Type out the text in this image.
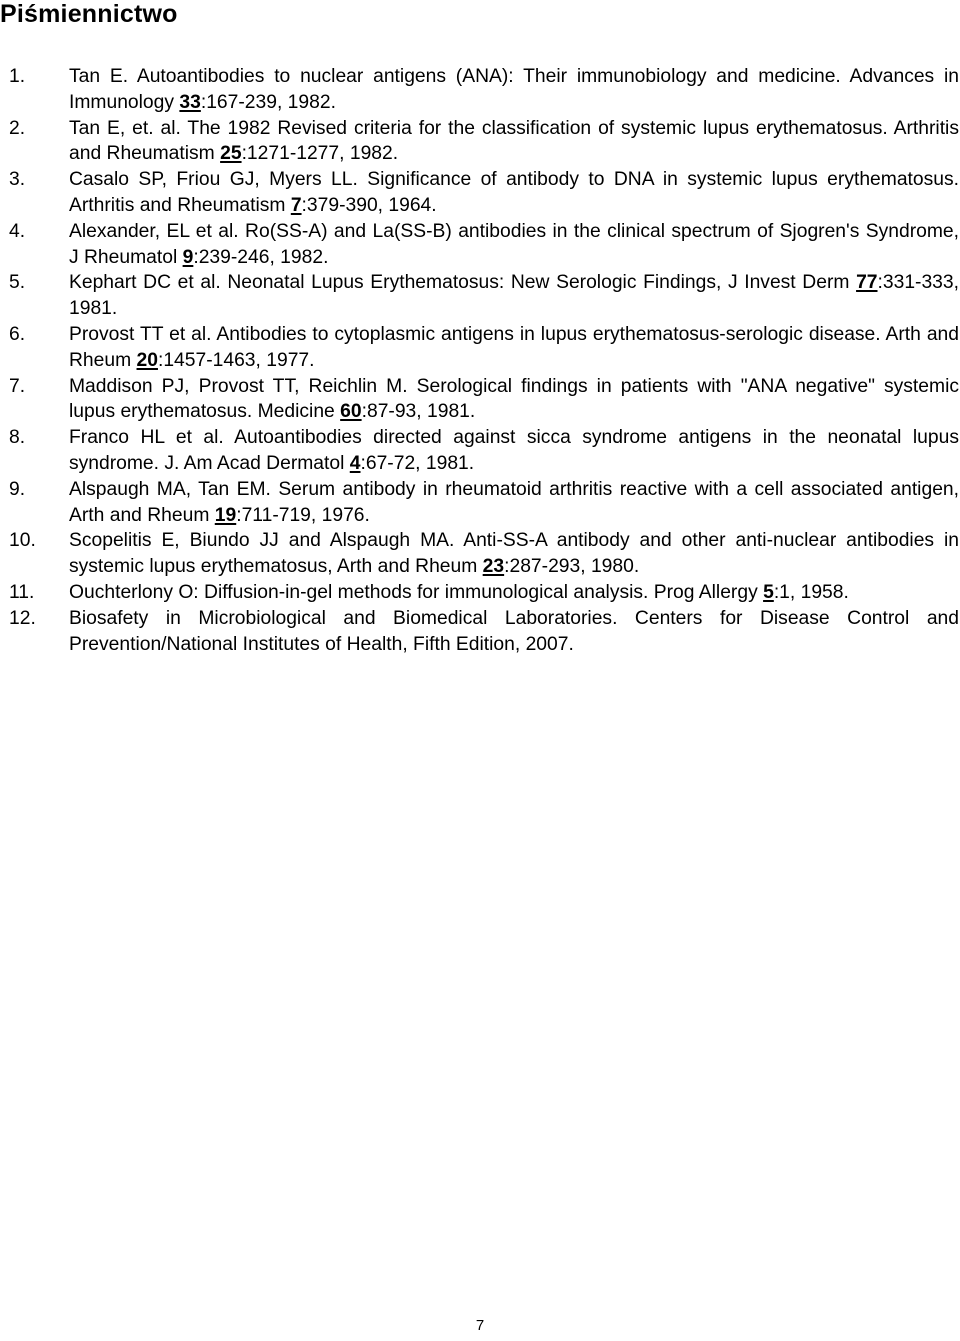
Piśmiennictwo
1.	Tan E. Autoantibodies to nuclear antigens (ANA): Their immunobiology and medicine. Advances in Immunology 33:167-239, 1982.
2.	Tan E, et. al. The 1982 Revised criteria for the classification of systemic lupus erythematosus. Arthritis and Rheumatism 25:1271-1277, 1982.
3.	Casalo SP, Friou GJ, Myers LL. Significance of antibody to DNA in systemic lupus erythematosus. Arthritis and Rheumatism 7:379-390, 1964.
4.	Alexander, EL et al. Ro(SS-A) and La(SS-B) antibodies in the clinical spectrum of Sjogren's Syndrome, J Rheumatol 9:239-246, 1982.
5.	Kephart DC et al. Neonatal Lupus Erythematosus: New Serologic Findings, J Invest Derm 77:331-333, 1981.
6.	Provost TT et al. Antibodies to cytoplasmic antigens in lupus erythematosus-serologic disease. Arth and Rheum 20:1457-1463, 1977.
7.	Maddison PJ, Provost TT, Reichlin M. Serological findings in patients with "ANA negative" systemic lupus erythematosus. Medicine 60:87-93, 1981.
8.	Franco HL et al. Autoantibodies directed against sicca syndrome antigens in the neonatal lupus syndrome. J. Am Acad Dermatol 4:67-72, 1981.
9.	Alspaugh MA, Tan EM. Serum antibody in rheumatoid arthritis reactive with a cell associated antigen, Arth and Rheum 19:711-719, 1976.
10.	Scopelitis E, Biundo JJ and Alspaugh MA. Anti-SS-A antibody and other anti-nuclear antibodies in systemic lupus erythematosus, Arth and Rheum 23:287-293, 1980.
11.	Ouchterlony O: Diffusion-in-gel methods for immunological analysis. Prog Allergy 5:1, 1958.
12.	Biosafety in Microbiological and Biomedical Laboratories. Centers for Disease Control and Prevention/National Institutes of Health, Fifth Edition, 2007.
7
